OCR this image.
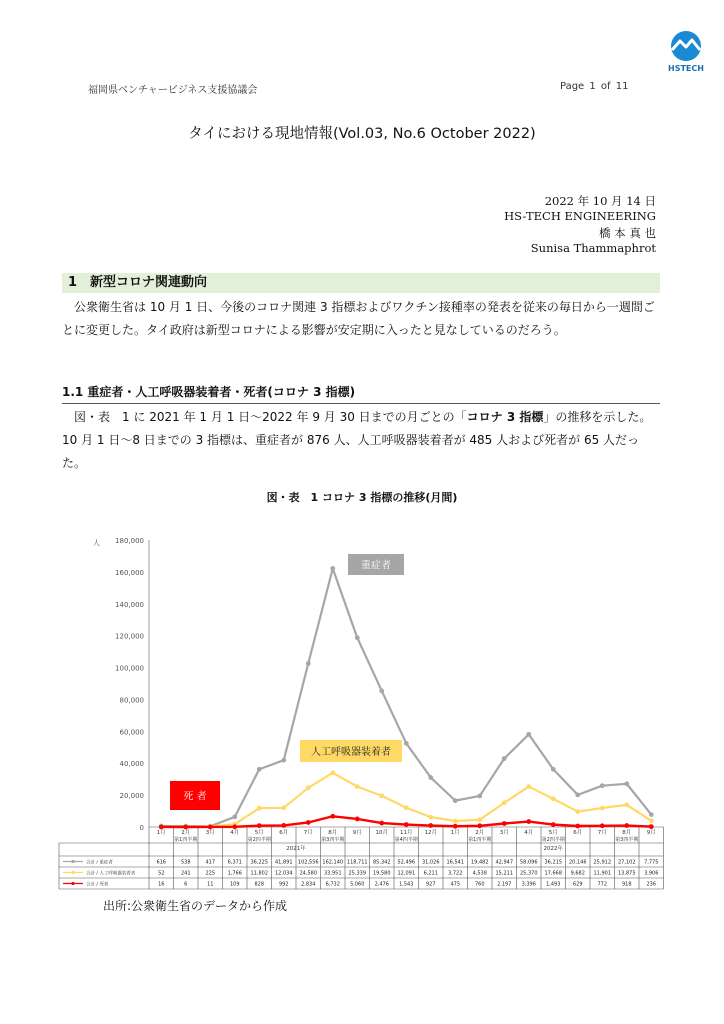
福岡県ベンチャービジネス支援協議会	Page 1 of 11
HSTECH
タイにおける現地情報(Vol.03, No.6 October 2022)
2022 年 10 月 14 日
HS-TECH ENGINEERING
橋 本 真 也
Sunisa Thammaphrot
1　新型コロナ関連動向
　公衆衛生省は 10 月 1 日、今後のコロナ関連 3 指標およびワクチン接種率の発表を従来の毎日から一週間ごとに変更した。タイ政府は新型コロナによる影響が安定期に入ったと見なしているのだろう。
1.1 重症者・人工呼吸器装着者・死者(コロナ 3 指標)
　図・表　1 に 2021 年 1 月 1 日～2022 年 9 月 30 日までの月ごとの「コロナ 3 指標」の推移を示した。10 月 1 日～8 日までの 3 指標は、重症者が 876 人、人工呼吸器装着者が 485 人および死者が 65 人だった。
図・表　1 コロナ 3 指標の推移(月間)
人
0
20,000
40,000
60,000
80,000
100,000
120,000
140,000
160,000
180,000
1月	2月	3月	4月	5月	6月	7月	8月	9月	10月 11月 12月	1月	2月	3月	4月	5月	6月	7月	8月	9月
第1四半期	第2四半期	第3四半期	第4四半期	第1四半期	第2四半期	第3四半期
2021年	2022年
合計 / 重症者	616	538	417	6,371 36,225 41,891 102,556 162,140 118,711 85,342 52,496 31,026 16,541 19,482 42,947 58,096 36,215 20,146 25,912 27,102 7,775
合計 / 人工呼吸器装着者	52	241	225	1,766 11,802 12,034 24,580 33,951 25,339 19,580 12,091 6,211 3,722 4,538 15,211 25,370 17,668 9,682 11,901 13,875 3,906
合計 / 死者	16	6	11	109	828	992	2,834 6,732 5,060 2,476 1,543	927	475	760	2,197 3,396 1,493	629	772	918	236
重症者
人工呼吸器装着者
死 者
出所:公衆衛生省のデータから作成
